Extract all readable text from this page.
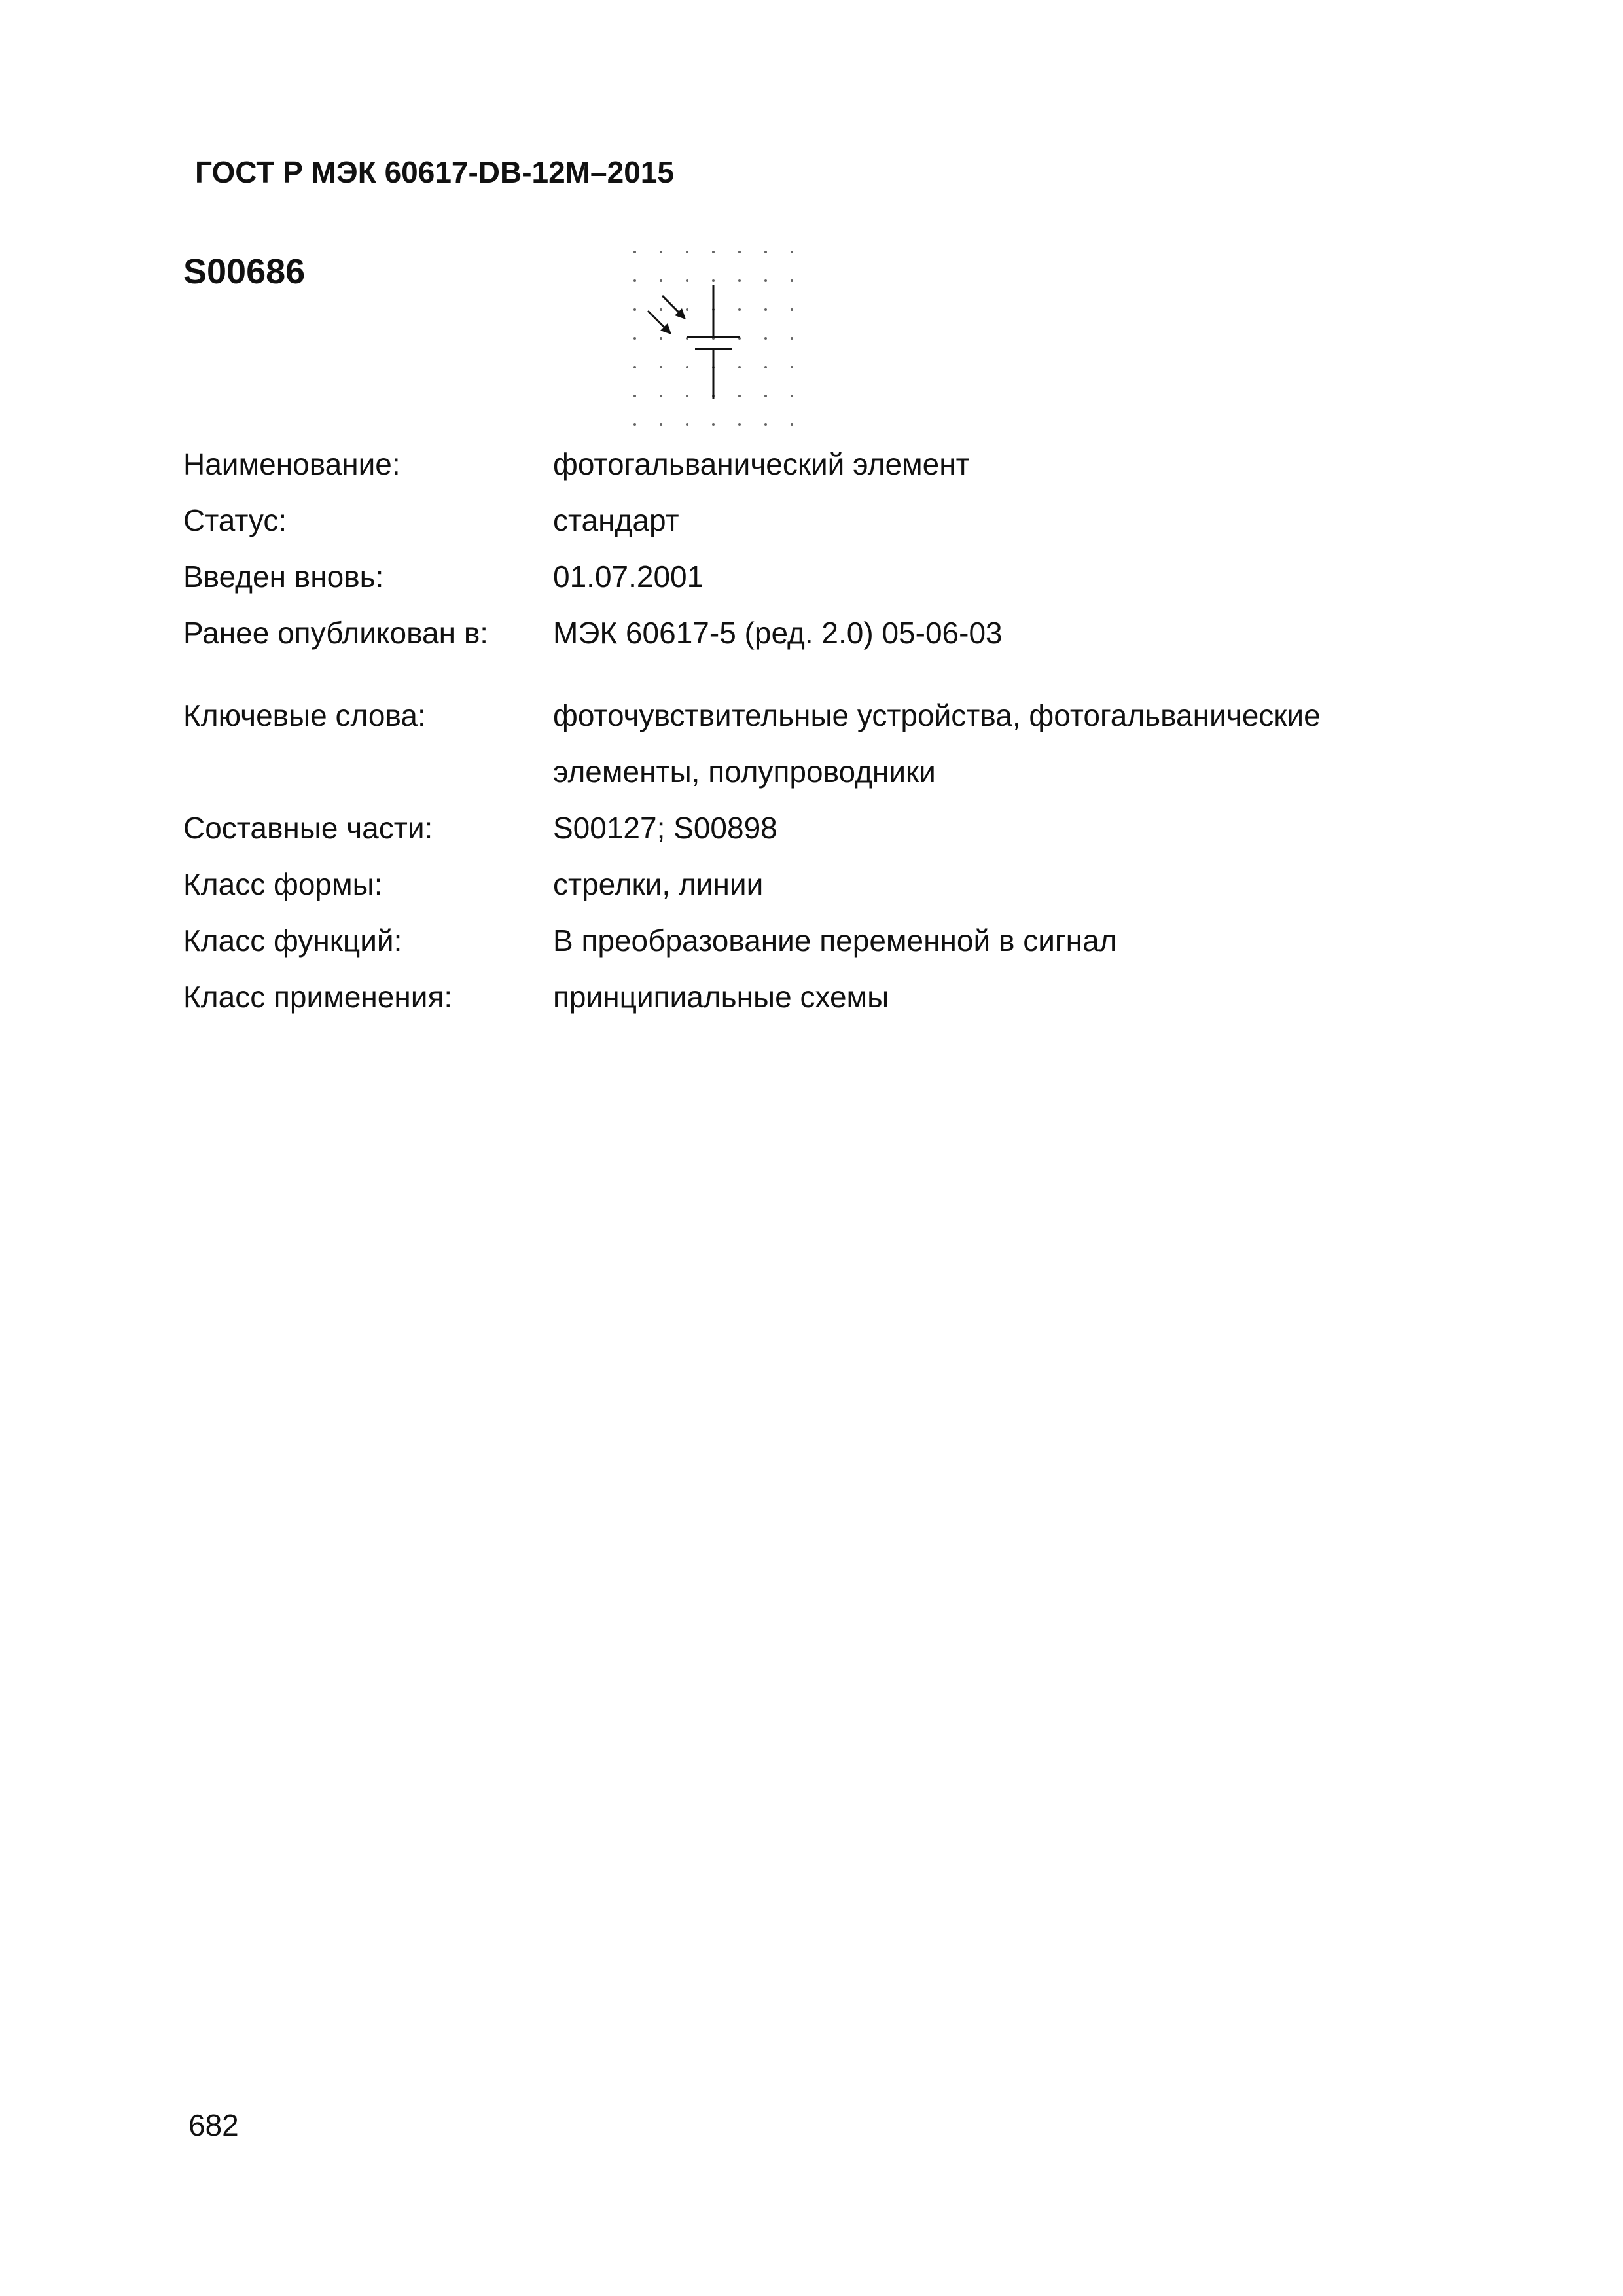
ГОСТ Р МЭК 60617-DB-12M–2015
S00686
Наименование:	фотогальванический элемент
Статус:	стандарт
Введен вновь:	01.07.2001
Ранее опубликован в: МЭК 60617-5 (ред. 2.0) 05-06-03
Ключевые слова:	фоточувствительные устройства, фотогальванические
элементы, полупроводники
Составные части:	S00127; S00898
Класс формы:	стрелки, линии
Класс функций:	B преобразование переменной в сигнал
Класс применения:	принципиальные схемы
682
